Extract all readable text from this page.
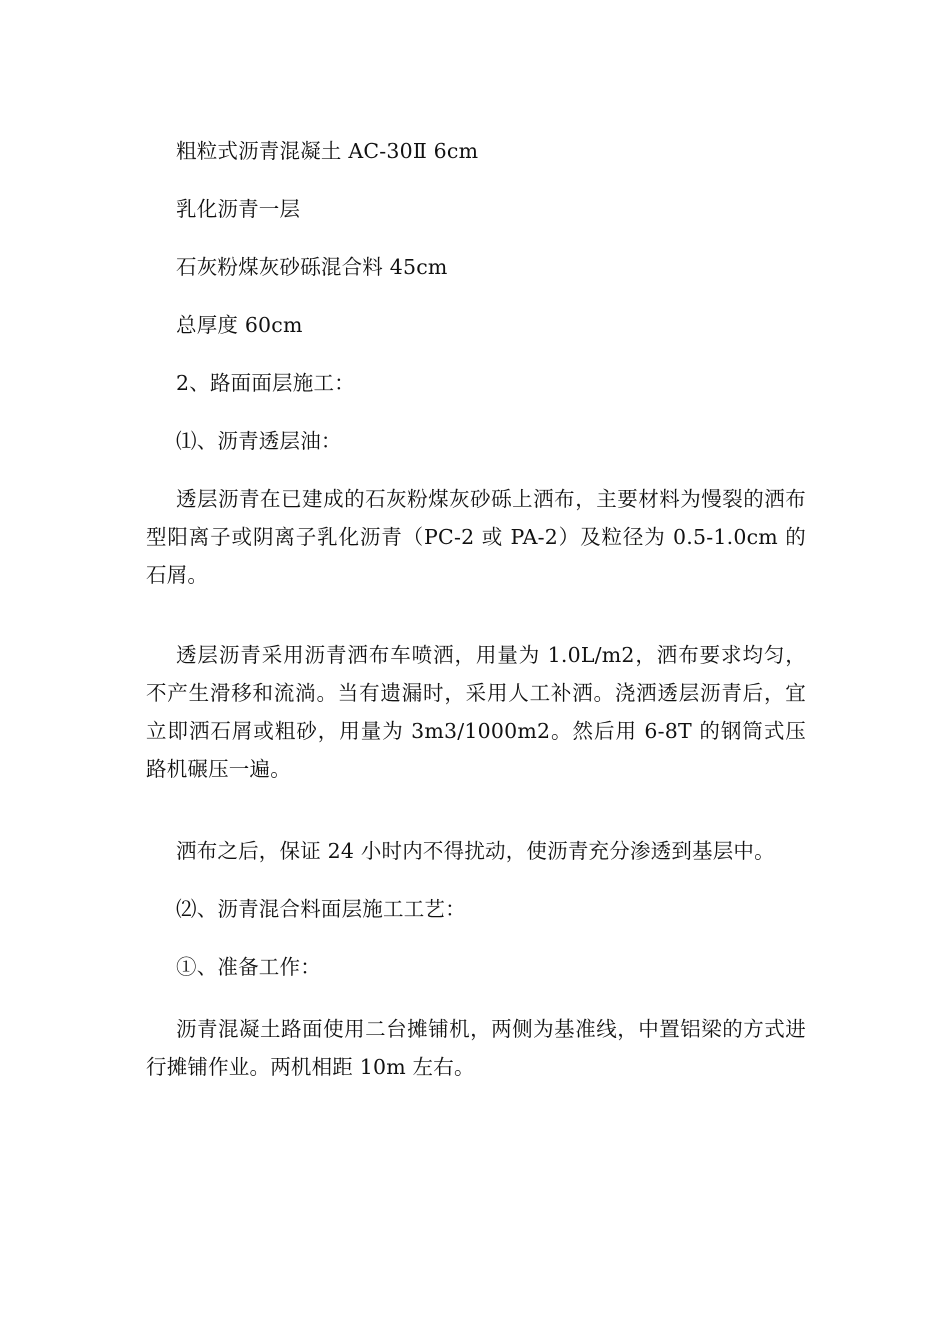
粗粒式沥青混凝土 AC-30Ⅱ 6cm

乳化沥青一层

石灰粉煤灰砂砾混合料 45cm

总厚度 60cm

2、路面面层施工：

⑴、沥青透层油：

透层沥青在已建成的石灰粉煤灰砂砾上洒布，主要材料为慢裂的洒布型阳离子或阴离子乳化沥青（PC-2 或 PA-2）及粒径为 0.5-1.0cm 的石屑。

透层沥青采用沥青洒布车喷洒，用量为 1.0L/m2，洒布要求均匀，不产生滑移和流淌。当有遗漏时，采用人工补洒。浇洒透层沥青后，宜立即洒石屑或粗砂，用量为 3m3/1000m2。然后用 6-8T 的钢筒式压路机碾压一遍。

洒布之后，保证 24 小时内不得扰动，使沥青充分渗透到基层中。

⑵、沥青混合料面层施工工艺：

①、准备工作：

沥青混凝土路面使用二台摊铺机，两侧为基准线，中置铝梁的方式进行摊铺作业。两机相距 10m 左右。
